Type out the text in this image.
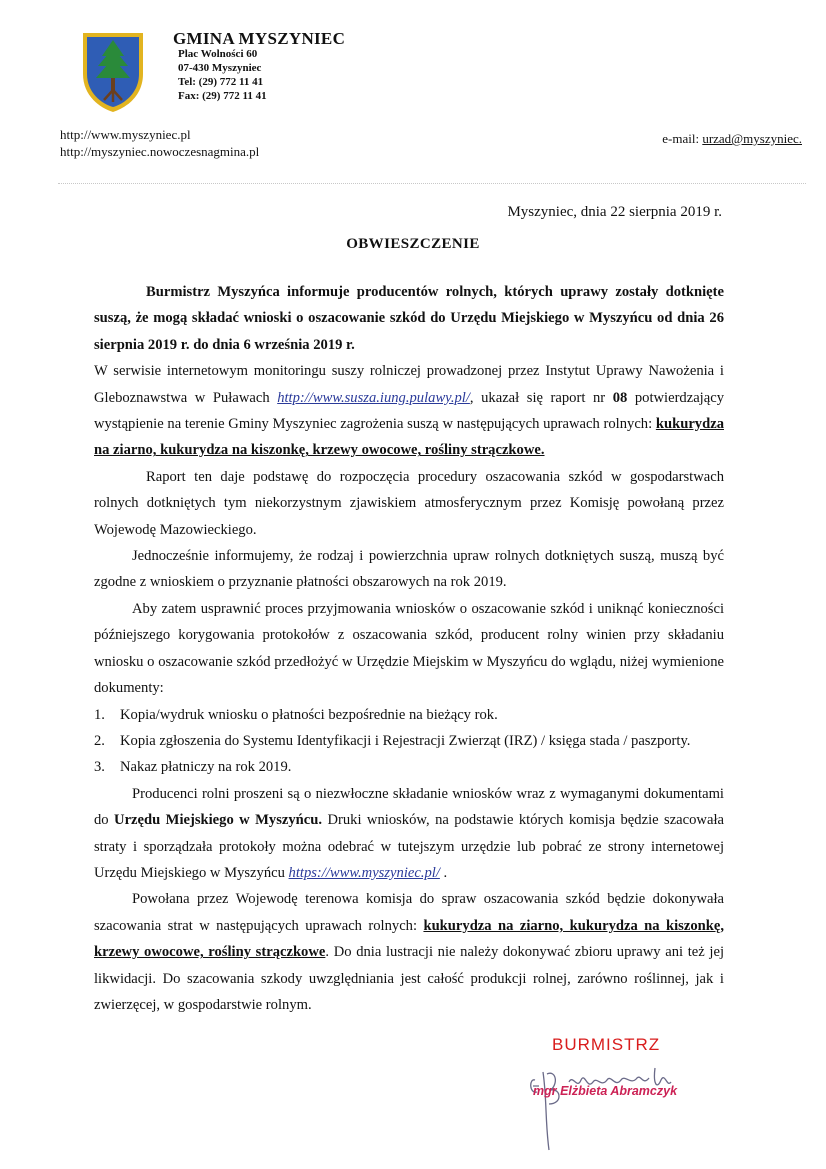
GMINA MYSZYNIEC
Plac Wolności 60
07-430 Myszyniec
Tel: (29) 772 11 41
Fax: (29) 772 11 41
http://www.myszyniec.pl
http://myszyniec.nowoczesnagmina.pl
e-mail: urzad@myszyniec.
Myszyniec, dnia 22 sierpnia 2019 r.
OBWIESZCZENIE

Burmistrz Myszyńca informuje producentów rolnych, których uprawy zostały dotknięte suszą, że mogą składać wnioski o oszacowanie szkód do Urzędu Miejskiego w Myszyńcu od dnia 26 sierpnia 2019 r. do dnia 6 września 2019 r.

W serwisie internetowym monitoringu suszy rolniczej prowadzonej przez Instytut Uprawy Nawożenia i Gleboznawstwa w Puławach http://www.susza.iung.pulawy.pl/, ukazał się raport nr 08 potwierdzający wystąpienie na terenie Gminy Myszyniec zagrożenia suszą w następujących uprawach rolnych: kukurydza na ziarno, kukurydza na kiszonkę, krzewy owocowe, rośliny strączkowe.

Raport ten daje podstawę do rozpoczęcia procedury oszacowania szkód w gospodarstwach rolnych dotkniętych tym niekorzystnym zjawiskiem atmosferycznym przez Komisję powołaną przez Wojewodę Mazowieckiego.

Jednocześnie informujemy, że rodzaj i powierzchnia upraw rolnych dotkniętych suszą, muszą być zgodne z wnioskiem o przyznanie płatności obszarowych na rok 2019.

Aby zatem usprawnić proces przyjmowania wniosków o oszacowanie szkód i uniknąć konieczności późniejszego korygowania protokołów z oszacowania szkód, producent rolny winien przy składaniu wniosku o oszacowanie szkód przedłożyć w Urzędzie Miejskim w Myszyńcu do wglądu, niżej wymienione dokumenty:

1. Kopia/wydruk wniosku o płatności bezpośrednie na bieżący rok.
2. Kopia zgłoszenia do Systemu Identyfikacji i Rejestracji Zwierząt (IRZ) / księga stada / paszporty.
3. Nakaz płatniczy na rok 2019.

Producenci rolni proszeni są o niezwłoczne składanie wniosków wraz z wymaganymi dokumentami do Urzędu Miejskiego w Myszyńcu. Druki wniosków, na podstawie których komisja będzie szacowała straty i sporządzała protokoły można odebrać w tutejszym urzędzie lub pobrać ze strony internetowej Urzędu Miejskiego w Myszyńcu https://www.myszyniec.pl/ .

Powołana przez Wojewodę terenowa komisja do spraw oszacowania szkód będzie dokonywała szacowania strat w następujących uprawach rolnych: kukurydza na ziarno, kukurydza na kiszonkę, krzewy owocowe, rośliny strączkowe. Do dnia lustracji nie należy dokonywać zbioru uprawy ani też jej likwidacji. Do szacowania szkody uwzględniania jest całość produkcji rolnej, zarówno roślinnej, jak i zwierzęcej, w gospodarstwie rolnym.

BURMISTRZ
mgr Elżbieta Abramczyk
